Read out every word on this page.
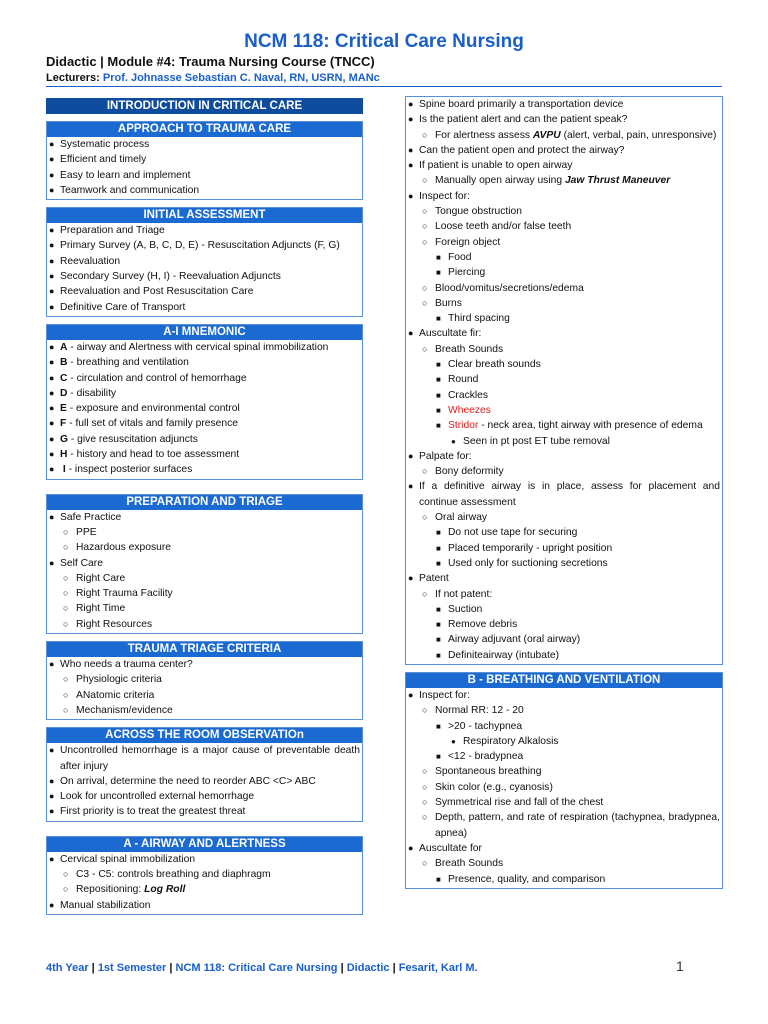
NCM 118: Critical Care Nursing
Didactic | Module #4: Trauma Nursing Course (TNCC)
Lecturers: Prof. Johnasse Sebastian C. Naval, RN, USRN, MANc
INTRODUCTION IN CRITICAL CARE
APPROACH TO TRAUMA CARE
● Systematic process
● Efficient and timely
● Easy to learn and implement
● Teamwork and communication
INITIAL ASSESSMENT
● Preparation and Triage
● Primary Survey (A, B, C, D, E) - Resuscitation Adjuncts (F, G)
● Reevaluation
● Secondary Survey (H, I) - Reevaluation Adjuncts
● Reevaluation and Post Resuscitation Care
● Definitive Care of Transport
A-I MNEMONIC
● A - airway and Alertness with cervical spinal immobilization
● B - breathing and ventilation
● C - circulation and control of hemorrhage
● D - disability
● E - exposure and environmental control
● F - full set of vitals and family presence
● G - give resuscitation adjuncts
● H - history and head to toe assessment
● I - inspect posterior surfaces
PREPARATION AND TRIAGE
● Safe Practice
○ PPE
○ Hazardous exposure
● Self Care
○ Right Care
○ Right Trauma Facility
○ Right Time
○ Right Resources
TRAUMA TRIAGE CRITERIA
● Who needs a trauma center?
○ Physiologic criteria
○ ANatomic criteria
○ Mechanism/evidence
ACROSS THE ROOM OBSERVATIOn
● Uncontrolled hemorrhage is a major cause of preventable death after injury
● On arrival, determine the need to reorder ABC <C> ABC
● Look for uncontrolled external hemorrhage
● First priority is to treat the greatest threat
A - AIRWAY AND ALERTNESS
● Cervical spinal immobilization
○ C3 - C5: controls breathing and diaphragm
○ Repositioning: Log Roll
● Manual stabilization
● Spine board primarily a transportation device
● Is the patient alert and can the patient speak?
○ For alertness assess AVPU (alert, verbal, pain, unresponsive)
● Can the patient open and protect the airway?
● If patient is unable to open airway
○ Manually open airway using Jaw Thrust Maneuver
● Inspect for:
○ Tongue obstruction
○ Loose teeth and/or false teeth
○ Foreign object
■ Food
■ Piercing
○ Blood/vomitus/secretions/edema
○ Burns
■ Third spacing
● Auscultate fir:
○ Breath Sounds
■ Clear breath sounds
■ Round
■ Crackles
■ Wheezes
■ Stridor - neck area, tight airway with presence of edema
● Seen in pt post ET tube removal
● Palpate for:
○ Bony deformity
● If a definitive airway is in place, assess for placement and continue assessment
○ Oral airway
■ Do not use tape for securing
■ Placed temporarily - upright position
■ Used only for suctioning secretions
● Patent
○ If not patent:
■ Suction
■ Remove debris
■ Airway adjuvant (oral airway)
■ Definiteairway (intubate)
B - BREATHING AND VENTILATION
● Inspect for:
○ Normal RR: 12 - 20
■ >20 - tachypnea
● Respiratory Alkalosis
■ <12 - bradypnea
○ Spontaneous breathing
○ Skin color (e.g., cyanosis)
○ Symmetrical rise and fall of the chest
○ Depth, pattern, and rate of respiration (tachypnea, bradypnea, apnea)
● Auscultate for
○ Breath Sounds
■ Presence, quality, and comparison
4th Year | 1st Semester | NCM 118: Critical Care Nursing | Didactic | Fesarit, Karl M.	1
